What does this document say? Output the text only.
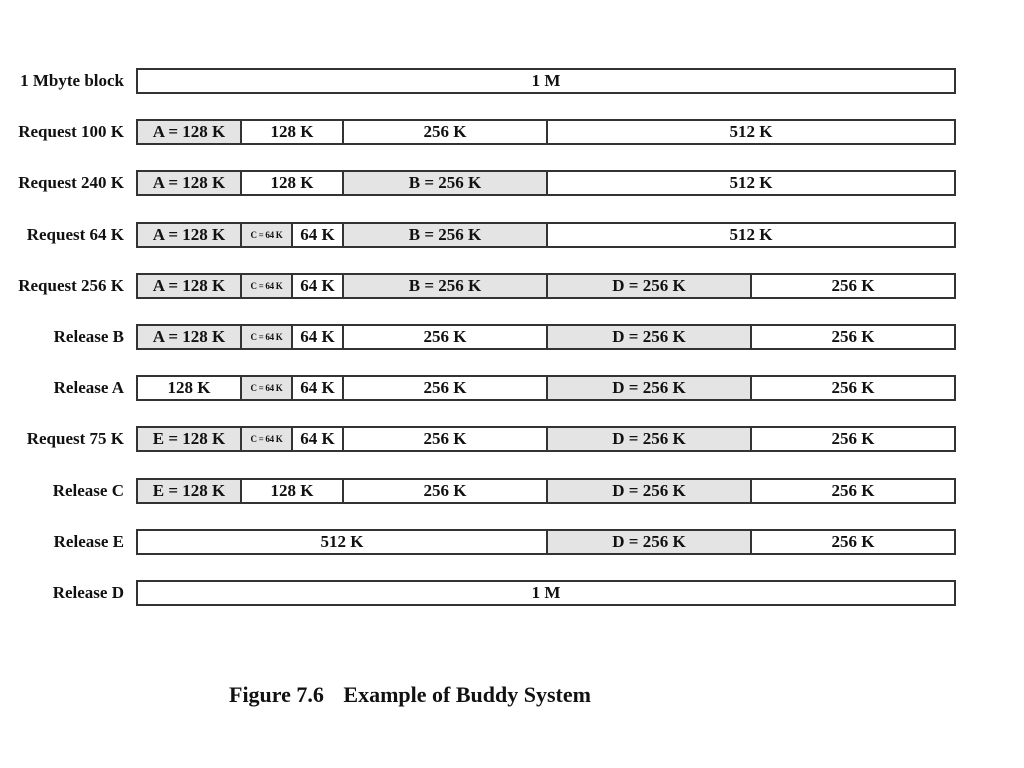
1 Mbyte block	1 M
Request 100 K	A = 128 K	128 K	256 K	512 K
Request 240 K	A = 128 K	128 K	B = 256 K	512 K
Request 64 K	A = 128 K	C = 64 K	64 K	B = 256 K	512 K
Request 256 K	A = 128 K	C = 64 K	64 K	B = 256 K	D = 256 K	256 K
Release B	A = 128 K	C = 64 K	64 K	256 K	D = 256 K	256 K
Release A	128 K	C = 64 K	64 K	256 K	D = 256 K	256 K
Request 75 K	E = 128 K	C = 64 K	64 K	256 K	D = 256 K	256 K
Release C	E = 128 K	128 K	256 K	D = 256 K	256 K
Release E	512 K	D = 256 K	256 K
Release D	1 M
Figure 7.6 Example of Buddy System
